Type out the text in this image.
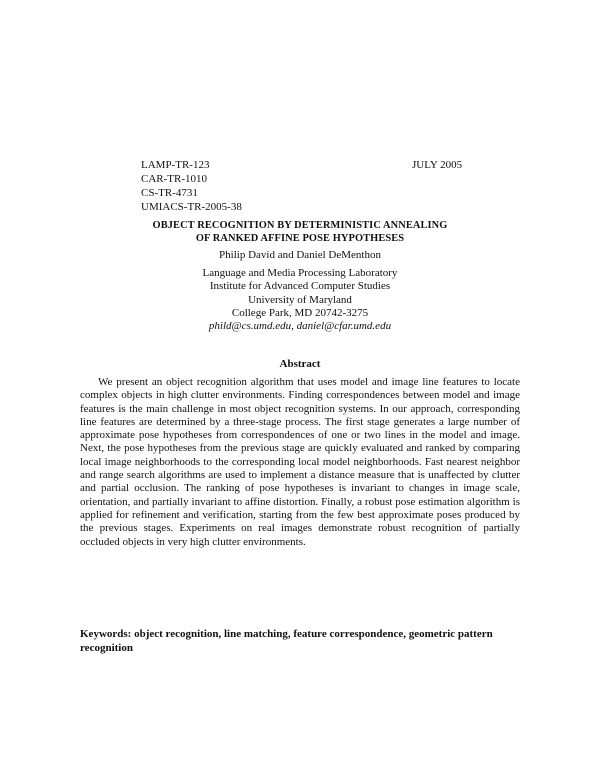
LAMP-TR-123
CAR-TR-1010
CS-TR-4731
UMIACS-TR-2005-38
JULY 2005
OBJECT RECOGNITION BY DETERMINISTIC ANNEALING
OF RANKED AFFINE POSE HYPOTHESES
Philip David and Daniel DeMenthon
Language and Media Processing Laboratory
Institute for Advanced Computer Studies
University of Maryland
College Park, MD 20742-3275
phild@cs.umd.edu, daniel@cfar.umd.edu
Abstract
We present an object recognition algorithm that uses model and image line features to locate complex objects in high clutter environments. Finding correspondences between model and image features is the main challenge in most object recognition systems. In our approach, corresponding line features are determined by a three-stage process. The first stage generates a large number of approximate pose hypotheses from correspondences of one or two lines in the model and image. Next, the pose hypotheses from the previous stage are quickly evaluated and ranked by comparing local image neighborhoods to the corresponding local model neighborhoods. Fast nearest neighbor and range search algorithms are used to implement a distance measure that is unaffected by clutter and partial occlusion. The ranking of pose hypotheses is invariant to changes in image scale, orientation, and partially invariant to affine distortion. Finally, a robust pose estimation algorithm is applied for refinement and verification, starting from the few best approximate poses produced by the previous stages. Experiments on real images demonstrate robust recognition of partially occluded objects in very high clutter environments.
Keywords: object recognition, line matching, feature correspondence, geometric pattern recognition
